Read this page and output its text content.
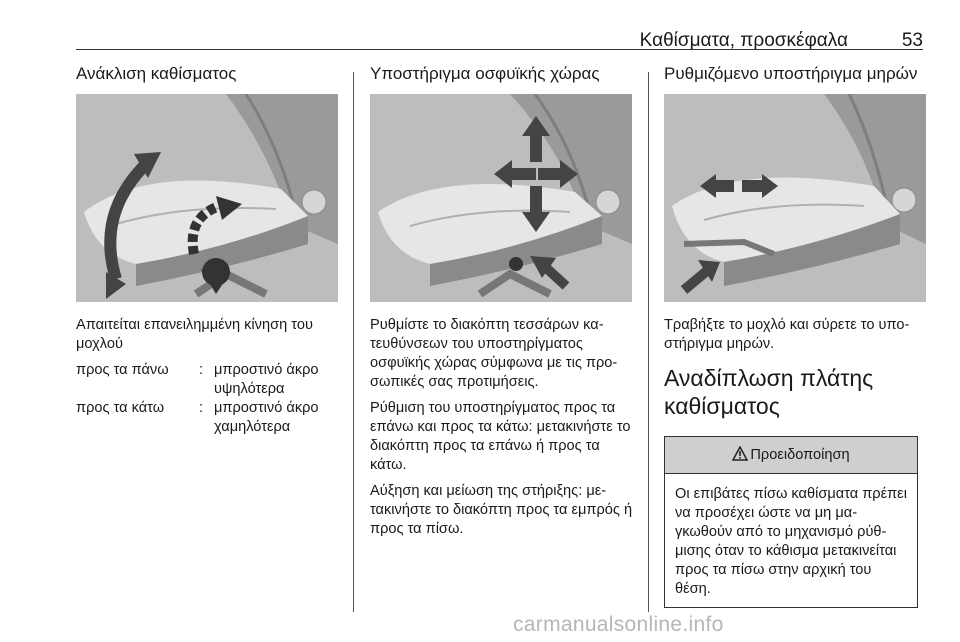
Καθίσματα, προσκέφαλα	53
Ανάκλιση καθίσματος
Απαιτείται επανειλημμένη κίνηση του μοχλού
προς τα πάνω	:	μπροστινό άκρο υψηλότερα
προς τα κάτω	:	μπροστινό άκρο χαμηλότερα
Υποστήριγμα οσφυϊκής χώρας

Ρυθμίστε το διακόπτη τεσσάρων κατευθύνσεων του υποστηρίγματος οσφυϊκής χώρας σύμφωνα με τις προσωπικές σας προτιμήσεις.

Ρύθμιση του υποστηρίγματος προς τα επάνω και προς τα κάτω: μετακινήστε το διακόπτη προς τα επάνω ή προς τα κάτω.

Αύξηση και μείωση της στήριξης: μετακινήστε το διακόπτη προς τα εμπρός ή προς τα πίσω.

Ρυθμιζόμενο υποστήριγμα μηρών

Τραβήξτε το μοχλό και σύρετε το υποστήριγμα μηρών.

Αναδίπλωση πλάτης καθίσματος
Προειδοποίηση
Οι επιβάτες πίσω καθίσματα πρέπει να προσέχει ώστε να μη μαγκωθούν από το μηχανισμό ρύθμισης όταν το κάθισμα μετακινείται προς τα πίσω στην αρχική του θέση.
carmanualsonline.info
